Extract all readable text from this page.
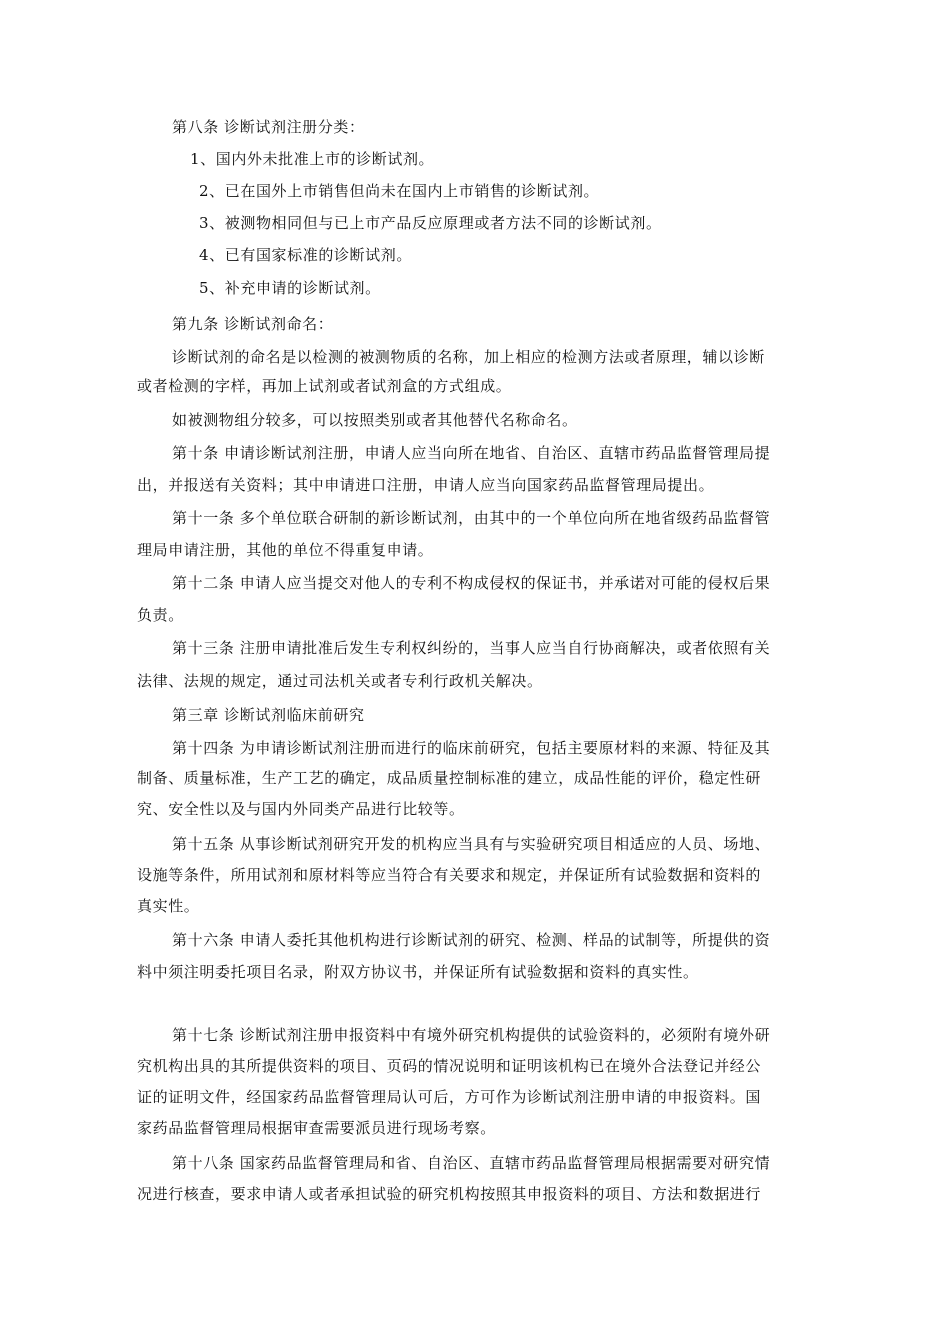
第八条 诊断试剂注册分类：
1、国内外未批准上市的诊断试剂。
2、已在国外上市销售但尚未在国内上市销售的诊断试剂。
3、被测物相同但与已上市产品反应原理或者方法不同的诊断试剂。
4、已有国家标准的诊断试剂。
5、补充申请的诊断试剂。
第九条 诊断试剂命名：
诊断试剂的命名是以检测的被测物质的名称，加上相应的检测方法或者原理，辅以诊断
或者检测的字样，再加上试剂或者试剂盒的方式组成。
如被测物组分较多，可以按照类别或者其他替代名称命名。
第十条 申请诊断试剂注册，申请人应当向所在地省、自治区、直辖市药品监督管理局提
出，并报送有关资料；其中申请进口注册，申请人应当向国家药品监督管理局提出。
第十一条 多个单位联合研制的新诊断试剂，由其中的一个单位向所在地省级药品监督管
理局申请注册，其他的单位不得重复申请。
第十二条 申请人应当提交对他人的专利不构成侵权的保证书，并承诺对可能的侵权后果
负责。
第十三条 注册申请批准后发生专利权纠纷的，当事人应当自行协商解决，或者依照有关
法律、法规的规定，通过司法机关或者专利行政机关解决。
第三章 诊断试剂临床前研究
第十四条 为申请诊断试剂注册而进行的临床前研究，包括主要原材料的来源、特征及其
制备、质量标准，生产工艺的确定，成品质量控制标准的建立，成品性能的评价，稳定性研
究、安全性以及与国内外同类产品进行比较等。
第十五条 从事诊断试剂研究开发的机构应当具有与实验研究项目相适应的人员、场地、
设施等条件，所用试剂和原材料等应当符合有关要求和规定，并保证所有试验数据和资料的
真实性。
第十六条 申请人委托其他机构进行诊断试剂的研究、检测、样品的试制等，所提供的资
料中须注明委托项目名录，附双方协议书，并保证所有试验数据和资料的真实性。
第十七条 诊断试剂注册申报资料中有境外研究机构提供的试验资料的，必须附有境外研
究机构出具的其所提供资料的项目、页码的情况说明和证明该机构已在境外合法登记并经公
证的证明文件，经国家药品监督管理局认可后，方可作为诊断试剂注册申请的申报资料。国
家药品监督管理局根据审查需要派员进行现场考察。
第十八条 国家药品监督管理局和省、自治区、直辖市药品监督管理局根据需要对研究情
况进行核查，要求申请人或者承担试验的研究机构按照其申报资料的项目、方法和数据进行
